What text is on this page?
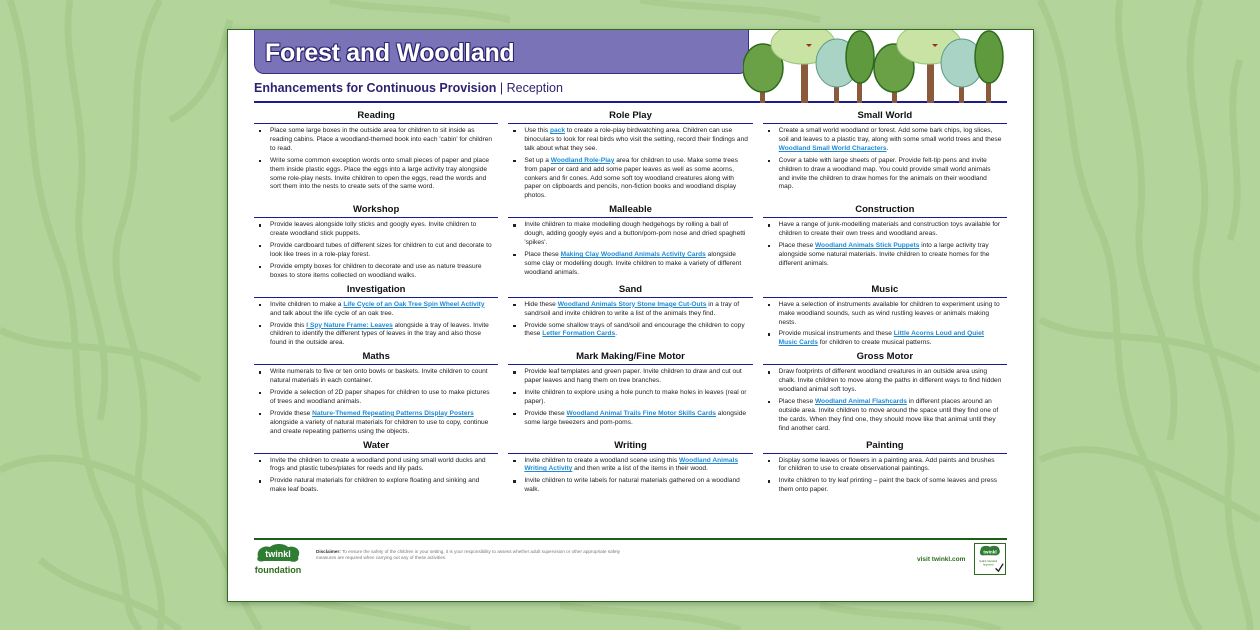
Forest and Woodland
Enhancements for Continuous Provision | Reception
Reading
Place some large boxes in the outside area for children to sit inside as reading cabins. Place a woodland-themed book into each 'cabin' for children to read.
Write some common exception words onto small pieces of paper and place them inside plastic eggs. Place the eggs into a large activity tray alongside some role-play nests. Invite children to open the eggs, read the words and sort them into the nests to create sets of the same word.
Role Play
Use this pack to create a role-play birdwatching area. Children can use binoculars to look for real birds who visit the setting, record their findings and talk about what they see.
Set up a Woodland Role-Play area for children to use. Make some trees from paper or card and add some paper leaves as well as some acorns, conkers and fir cones. Add some soft toy woodland creatures along with paper on clipboards and pencils, non-fiction books and woodland display photos.
Small World
Create a small world woodland or forest. Add some bark chips, log slices, soil and leaves to a plastic tray, along with some small world trees and these Woodland Small World Characters.
Cover a table with large sheets of paper. Provide felt-tip pens and invite children to draw a woodland map. You could provide small world animals and invite the children to draw homes for the animals on their woodland map.
Workshop
Provide leaves alongside lolly sticks and googly eyes. Invite children to create woodland stick puppets.
Provide cardboard tubes of different sizes for children to cut and decorate to look like trees in a role-play forest.
Provide empty boxes for children to decorate and use as nature treasure boxes to store items collected on woodland walks.
Malleable
Invite children to make modelling dough hedgehogs by rolling a ball of dough, adding googly eyes and a button/pom-pom nose and dried spaghetti 'spikes'.
Place these Making Clay Woodland Animals Activity Cards alongside some clay or modelling dough. Invite children to make a variety of different woodland animals.
Construction
Have a range of junk-modelling materials and construction toys available for children to create their own trees and woodland areas.
Place these Woodland Animals Stick Puppets into a large activity tray alongside some natural materials. Invite children to create homes for the different animals.
Investigation
Invite children to make a Life Cycle of an Oak Tree Spin Wheel Activity and talk about the life cycle of an oak tree.
Provide this I Spy Nature Frame: Leaves alongside a tray of leaves. Invite children to identify the different types of leaves in the tray and also those found in the outside area.
Sand
Hide these Woodland Animals Story Stone Image Cut-Outs in a tray of sand/soil and invite children to write a list of the animals they find.
Provide some shallow trays of sand/soil and encourage the children to copy these Letter Formation Cards.
Music
Have a selection of instruments available for children to experiment using to make woodland sounds, such as wind rustling leaves or animals making nests.
Provide musical instruments and these Little Acorns Loud and Quiet Music Cards for children to create musical patterns.
Maths
Write numerals to five or ten onto bowls or baskets. Invite children to count natural materials in each container.
Provide a selection of 2D paper shapes for children to use to make pictures of trees and woodland animals.
Provide these Nature-Themed Repeating Patterns Display Posters alongside a variety of natural materials for children to use to copy, continue and create repeating patterns using the objects.
Mark Making/Fine Motor
Provide leaf templates and green paper. Invite children to draw and cut out paper leaves and hang them on tree branches.
Invite children to explore using a hole punch to make holes in leaves (real or paper).
Provide these Woodland Animal Trails Fine Motor Skills Cards alongside some large tweezers and pom-poms.
Gross Motor
Draw footprints of different woodland creatures in an outside area using chalk. Invite children to move along the paths in different ways to find hidden woodland animal soft toys.
Place these Woodland Animal Flashcards in different places around an outside area. Invite children to move around the space until they find one of the cards. When they find one, they should move like that animal until they find another card.
Water
Invite the children to create a woodland pond using small world ducks and frogs and plastic tubes/plates for reeds and lily pads.
Provide natural materials for children to explore floating and sinking and make leaf boats.
Writing
Invite children to create a woodland scene using this Woodland Animals Writing Activity and then write a list of the items in their wood.
Invite children to write labels for natural materials gathered on a woodland walk.
Painting
Display some leaves or flowers in a painting area. Add paints and brushes for children to use to create observational paintings.
Invite children to try leaf printing – paint the back of some leaves and press them onto paper.
twinkl
foundation
Disclaimer: To ensure the safety of the children in your setting, it is your responsibility to assess whether adult supervision or other appropriate safety measures are required when carrying out any of these activities.	visit twinkl.com
twinkl
Quality Standard
Approved
